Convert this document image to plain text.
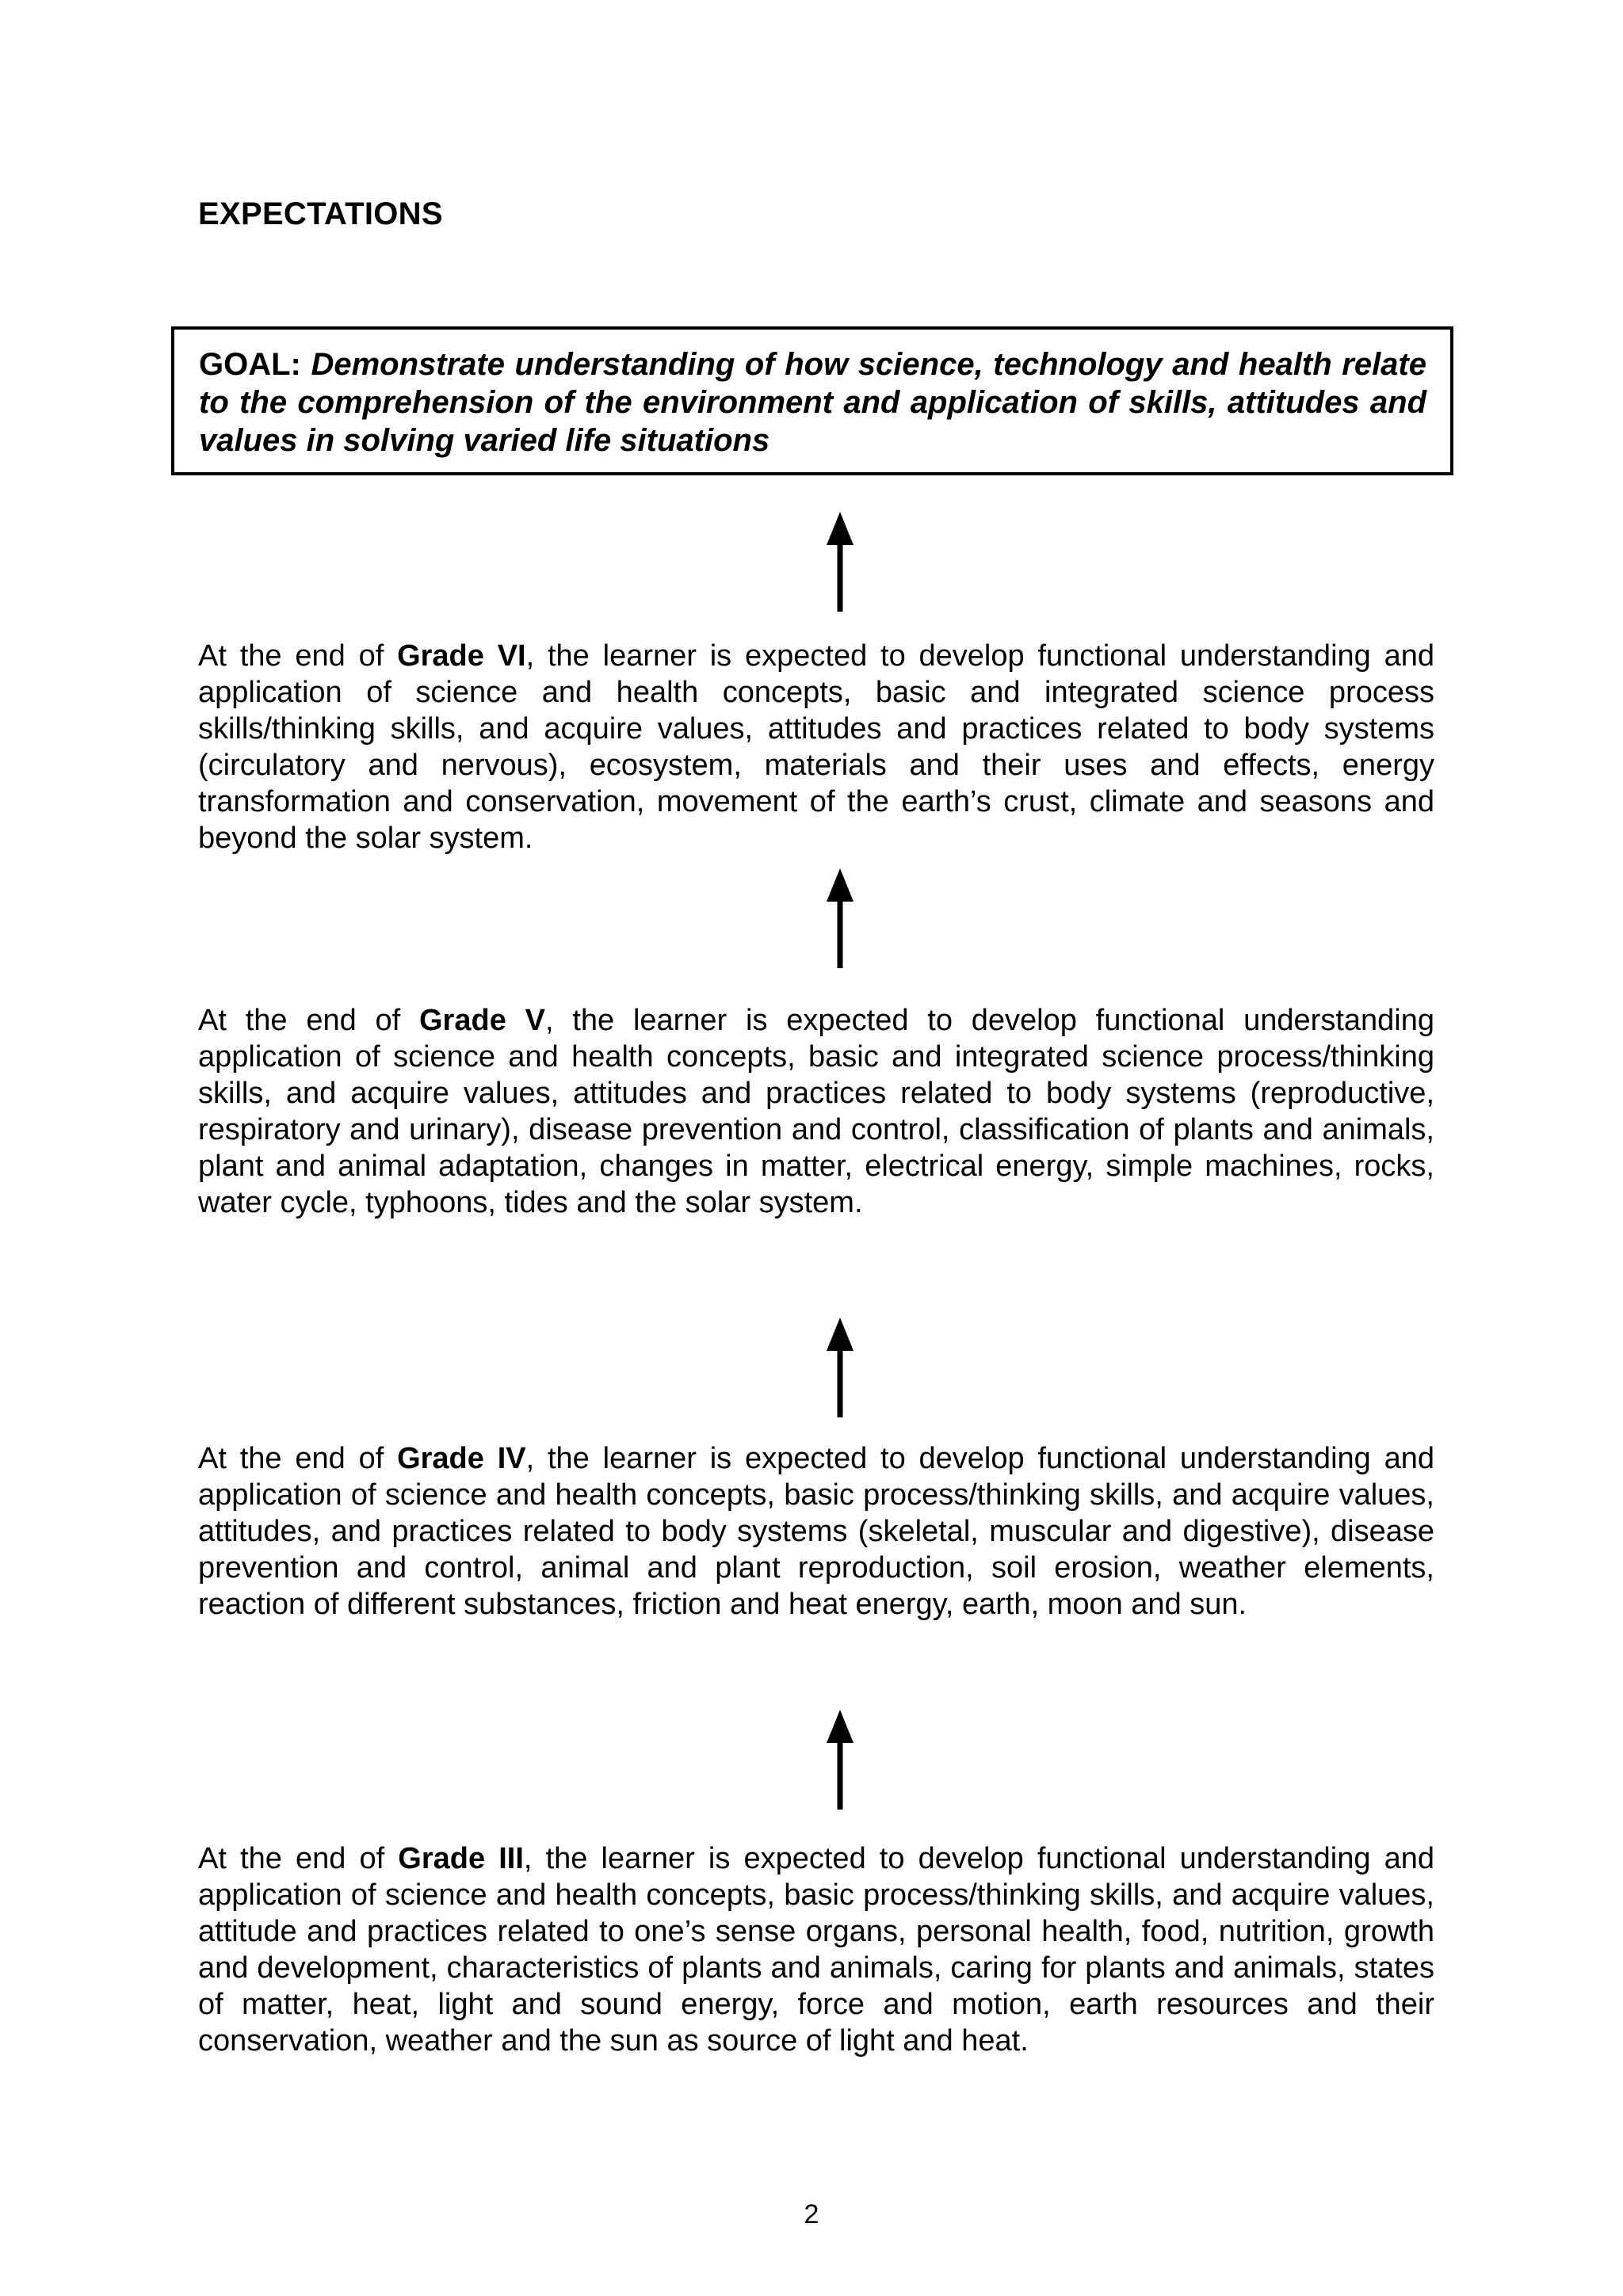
EXPECTATIONS

GOAL: Demonstrate understanding of how science, technology and health relate to the comprehension of the environment and application of skills, attitudes and values in solving varied life situations

At the end of Grade VI, the learner is expected to develop functional understanding and application of science and health concepts, basic and integrated science process skills/thinking skills, and acquire values, attitudes and practices related to body systems (circulatory and nervous), ecosystem, materials and their uses and effects, energy transformation and conservation, movement of the earth’s crust, climate and seasons and beyond the solar system.

At the end of Grade V, the learner is expected to develop functional understanding application of science and health concepts, basic and integrated science process/thinking skills, and acquire values, attitudes and practices related to body systems (reproductive, respiratory and urinary), disease prevention and control, classification of plants and animals, plant and animal adaptation, changes in matter, electrical energy, simple machines, rocks, water cycle, typhoons, tides and the solar system.

At the end of Grade IV, the learner is expected to develop functional understanding and application of science and health concepts, basic process/thinking skills, and acquire values, attitudes, and practices related to body systems (skeletal, muscular and digestive), disease prevention and control, animal and plant reproduction, soil erosion, weather elements, reaction of different substances, friction and heat energy, earth, moon and sun.

At the end of Grade III, the learner is expected to develop functional understanding and application of science and health concepts, basic process/thinking skills, and acquire values, attitude and practices related to one’s sense organs, personal health, food, nutrition, growth and development, characteristics of plants and animals, caring for plants and animals, states of matter, heat, light and sound energy, force and motion, earth resources and their conservation, weather and the sun as source of light and heat.

2
